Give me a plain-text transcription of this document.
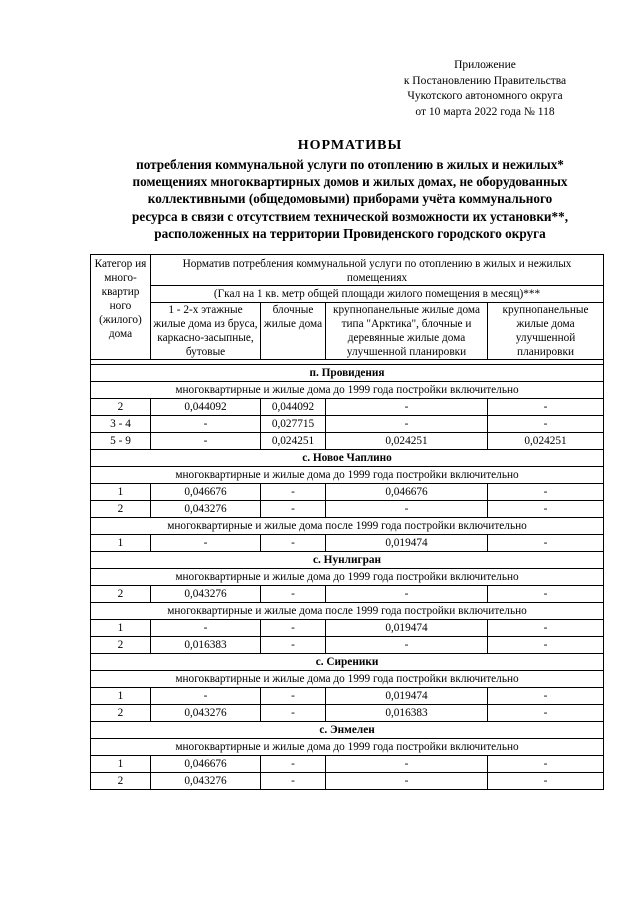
Приложение
к Постановлению Правительства
Чукотского автономного округа
от 10 марта 2022 года № 118
НОРМАТИВЫ
потребления коммунальной услуги по отоплению в жилых и нежилых*
помещениях многоквартирных домов и жилых домах, не оборудованных
коллективными (общедомовыми) приборами учёта коммунального
ресурса в связи с отсутствием технической возможности их установки**,
расположенных на территории Провиденского городского округа
Категор ия много- квартир ного (жилого) дома	Норматив потребления коммунальной услуги по отоплению в жилых и нежилых помещениях			
	(Гкал на 1 кв. метр общей площади жилого помещения в месяц)***			
	1 - 2-х этажные жилые дома из бруса, каркасно-засыпные, бутовые	блочные жилые дома	крупнопанельные жилые дома типа "Арктика", блочные и деревянные жилые дома улучшенной планировки	крупнопанельные жилые дома улучшенной планировки

п. Провидения				
многоквартирные и жилые дома до 1999 года постройки включительно				
2	0,044092	0,044092	-	-
3 - 4	-	0,027715	-	-
5 - 9	-	0,024251	0,024251	0,024251
с. Новое Чаплино				
многоквартирные и жилые дома до 1999 года постройки включительно				
1	0,046676	-	0,046676	-
2	0,043276	-	-	-
многоквартирные и жилые дома после 1999 года постройки включительно				
1	-	-	0,019474	-
с. Нунлигран				
многоквартирные и жилые дома до 1999 года постройки включительно				
2	0,043276	-	-	-
многоквартирные и жилые дома после 1999 года постройки включительно				
1	-	-	0,019474	-
2	0,016383	-	-	-
с. Сиреники				
многоквартирные и жилые дома до 1999 года постройки включительно				
1	-	-	0,019474	-
2	0,043276	-	0,016383	-
с. Энмелен				
многоквартирные и жилые дома до 1999 года постройки включительно				
1	0,046676	-	-	-
2	0,043276	-	-	-
